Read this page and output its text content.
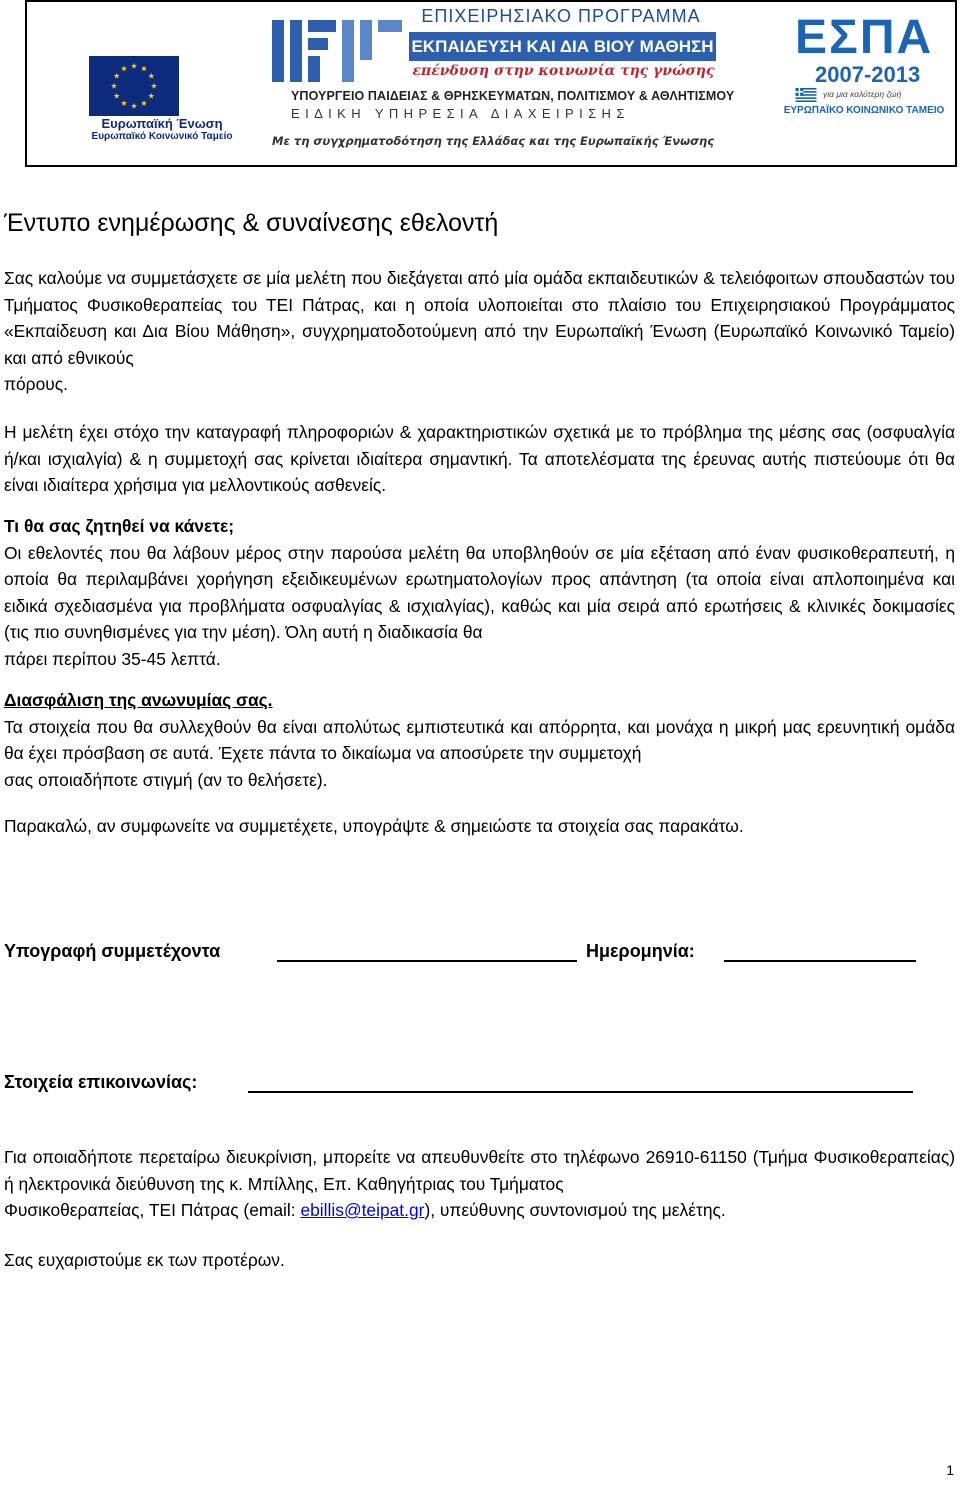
Ευρωπαϊκή Ένωση
Ευρωπαϊκό Κοινωνικό Ταμείο
ΕΠΙΧΕΙΡΗΣΙΑΚΟ ΠΡΟΓΡΑΜΜΑ
ΕΚΠΑΙΔΕΥΣΗ ΚΑΙ ΔΙΑ ΒΙΟΥ ΜΑΘΗΣΗ
επένδυση στην κοινωνία της γνώσης
ΥΠΟΥΡΓΕΙΟ ΠΑΙΔΕΙΑΣ & ΘΡΗΣΚΕΥΜΑΤΩΝ, ΠΟΛΙΤΙΣΜΟΥ & ΑΘΛΗΤΙΣΜΟΥ
ΕΙΔΙΚΗ ΥΠΗΡΕΣΙΑ ΔΙΑΧΕΙΡΙΣΗΣ
Με τη συγχρηματοδότηση της Ελλάδας και της Ευρωπαϊκής Ένωσης
ΕΣΠΑ
2007-2013
για μια καλύτερη ζωή
ΕΥΡΩΠΑΪΚΟ ΚΟΙΝΩΝΙΚΟ ΤΑΜΕΙΟ
Έντυπο ενημέρωσης & συναίνεσης εθελοντή
Σας καλούμε να συμμετάσχετε σε μία μελέτη που διεξάγεται από μία ομάδα εκπαιδευτικών & τελειόφοιτων σπουδαστών του Τμήματος Φυσικοθεραπείας του ΤΕΙ Πάτρας, και η οποία υλοποιείται στο πλαίσιο του Επιχειρησιακού Προγράμματος «Εκπαίδευση και Δια Βίου Μάθηση», συγχρηματοδοτούμενη από την Ευρωπαϊκή Ένωση (Ευρωπαϊκό Κοινωνικό Ταμείο) και από εθνικούς
πόρους.
Η μελέτη έχει στόχο την καταγραφή πληροφοριών & χαρακτηριστικών σχετικά με το πρόβλημα της μέσης σας (οσφυαλγία ή/και ισχιαλγία) & η συμμετοχή σας κρίνεται ιδιαίτερα σημαντική. Τα αποτελέσματα της έρευνας αυτής πιστεύουμε ότι θα είναι ιδιαίτερα χρήσιμα για μελλοντικούς ασθενείς.
Τι θα σας ζητηθεί να κάνετε;
Οι εθελοντές που θα λάβουν μέρος στην παρούσα μελέτη θα υποβληθούν σε μία εξέταση από έναν φυσικοθεραπευτή, η οποία θα περιλαμβάνει χορήγηση εξειδικευμένων ερωτηματολογίων προς απάντηση (τα οποία είναι απλοποιημένα και ειδικά σχεδιασμένα για προβλήματα οσφυαλγίας & ισχιαλγίας), καθώς και μία σειρά από ερωτήσεις & κλινικές δοκιμασίες (τις πιο συνηθισμένες για την μέση). Όλη αυτή η διαδικασία θα
πάρει περίπου 35-45 λεπτά.
Διασφάλιση της ανωνυμίας σας.
Τα στοιχεία που θα συλλεχθούν θα είναι απολύτως εμπιστευτικά και απόρρητα, και μονάχα η μικρή μας ερευνητική ομάδα θα έχει πρόσβαση σε αυτά. Έχετε πάντα το δικαίωμα να αποσύρετε την συμμετοχή
σας οποιαδήποτε στιγμή (αν το θελήσετε).
Παρακαλώ, αν συμφωνείτε να συμμετέχετε, υπογράψτε & σημειώστε τα στοιχεία σας παρακάτω.
Υπογραφή συμμετέχοντα	Ημερομηνία:
Στοιχεία επικοινωνίας:
Για οποιαδήποτε περεταίρω διευκρίνιση, μπορείτε να απευθυνθείτε στο τηλέφωνο 26910-61150 (Τμήμα Φυσικοθεραπείας) ή ηλεκτρονικά διεύθυνση της κ. Μπίλλης, Επ. Καθηγήτριας του Τμήματος
Φυσικοθεραπείας, ΤΕΙ Πάτρας (email: ebillis@teipat.gr), υπεύθυνης συντονισμού της μελέτης.
Σας ευχαριστούμε εκ των προτέρων.
1
